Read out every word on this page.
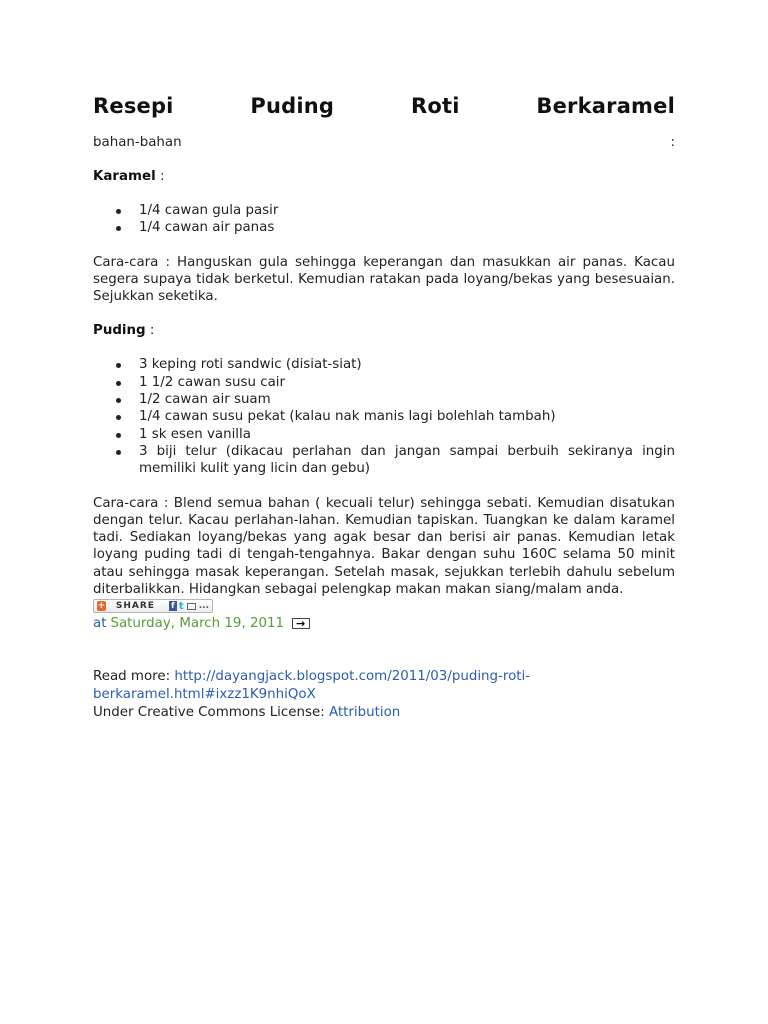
Resepi	Puding	Roti	Berkaramel
bahan-bahan	:
Karamel :
1/4 cawan gula pasir
1/4 cawan air panas

Cara-cara : Hanguskan gula sehingga keperangan dan masukkan air panas. Kacau segera supaya tidak berketul. Kemudian ratakan pada loyang/bekas yang besesuaian. Sejukkan seketika.

Puding :
3 keping roti sandwic (disiat-siat)
1 1/2 cawan susu cair
1/2 cawan air suam
1/4 cawan susu pekat (kalau nak manis lagi bolehlah tambah)
1 sk esen vanilla
3 biji telur (dikacau perlahan dan jangan sampai berbuih sekiranya ingin memiliki kulit yang licin dan gebu)

Cara-cara : Blend semua bahan ( kecuali telur) sehingga sebati. Kemudian disatukan dengan telur. Kacau perlahan-lahan. Kemudian tapiskan. Tuangkan ke dalam karamel tadi. Sediakan loyang/bekas yang agak besar dan berisi air panas. Kemudian letak loyang puding tadi di tengah-tengahnya. Bakar dengan suhu 160C selama 50 minit atau sehingga masak keperangan. Setelah masak, sejukkan terlebih dahulu sebelum diterbalikkan. Hidangkan sebagai pelengkap makan makan siang/malam anda.

+ SHARE f t ...
at Saturday, March 19, 2011
→
Read more: http://dayangjack.blogspot.com/2011/03/puding-roti-
berkaramel.html#ixzz1K9nhiQoX
Under Creative Commons License: Attribution
